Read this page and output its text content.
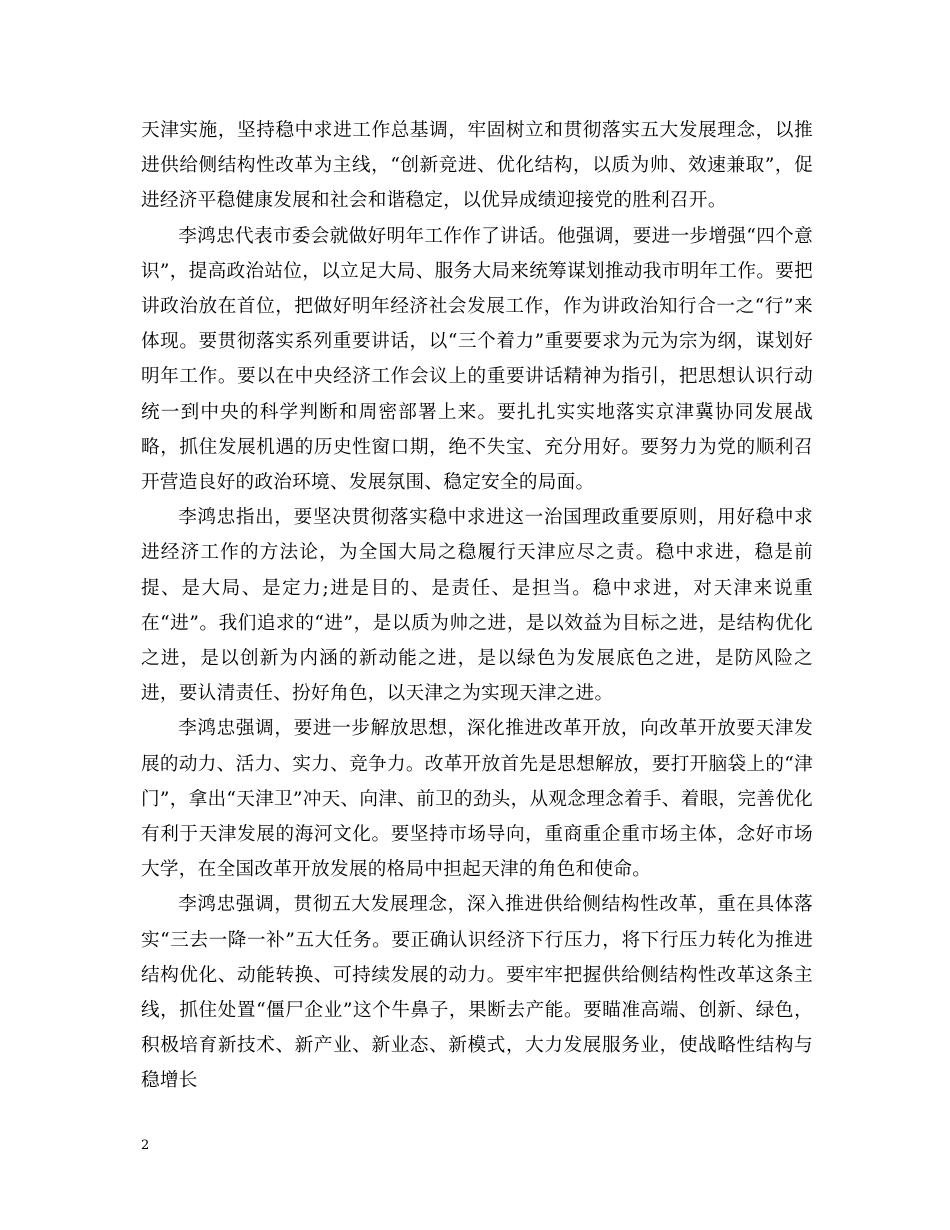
天津实施，坚持稳中求进工作总基调，牢固树立和贯彻落实五大发展理念，以推进供给侧结构性改革为主线，“创新竞进、优化结构，以质为帅、效速兼取”，促进经济平稳健康发展和社会和谐稳定，以优异成绩迎接党的胜利召开。

李鸿忠代表市委会就做好明年工作作了讲话。他强调，要进一步增强“四个意识”，提高政治站位，以立足大局、服务大局来统筹谋划推动我市明年工作。要把讲政治放在首位，把做好明年经济社会发展工作，作为讲政治知行合一之“行”来体现。要贯彻落实系列重要讲话，以“三个着力”重要要求为元为宗为纲，谋划好明年工作。要以在中央经济工作会议上的重要讲话精神为指引，把思想认识行动统一到中央的科学判断和周密部署上来。要扎扎实实地落实京津冀协同发展战略，抓住发展机遇的历史性窗口期，绝不失宝、充分用好。要努力为党的顺利召开营造良好的政治环境、发展氛围、稳定安全的局面。

李鸿忠指出，要坚决贯彻落实稳中求进这一治国理政重要原则，用好稳中求进经济工作的方法论，为全国大局之稳履行天津应尽之责。稳中求进，稳是前提、是大局、是定力;进是目的、是责任、是担当。稳中求进，对天津来说重在“进”。我们追求的“进”，是以质为帅之进，是以效益为目标之进，是结构优化之进，是以创新为内涵的新动能之进，是以绿色为发展底色之进，是防风险之进，要认清责任、扮好角色，以天津之为实现天津之进。

李鸿忠强调，要进一步解放思想，深化推进改革开放，向改革开放要天津发展的动力、活力、实力、竞争力。改革开放首先是思想解放，要打开脑袋上的“津门”，拿出“天津卫”冲天、向津、前卫的劲头，从观念理念着手、着眼，完善优化有利于天津发展的海河文化。要坚持市场导向，重商重企重市场主体，念好市场大学，在全国改革开放发展的格局中担起天津的角色和使命。

李鸿忠强调，贯彻五大发展理念，深入推进供给侧结构性改革，重在具体落实“三去一降一补”五大任务。要正确认识经济下行压力，将下行压力转化为推进结构优化、动能转换、可持续发展的动力。要牢牢把握供给侧结构性改革这条主线，抓住处置“僵尸企业”这个牛鼻子，果断去产能。要瞄准高端、创新、绿色，积极培育新技术、新产业、新业态、新模式，大力发展服务业，使战略性结构与稳增长

2
